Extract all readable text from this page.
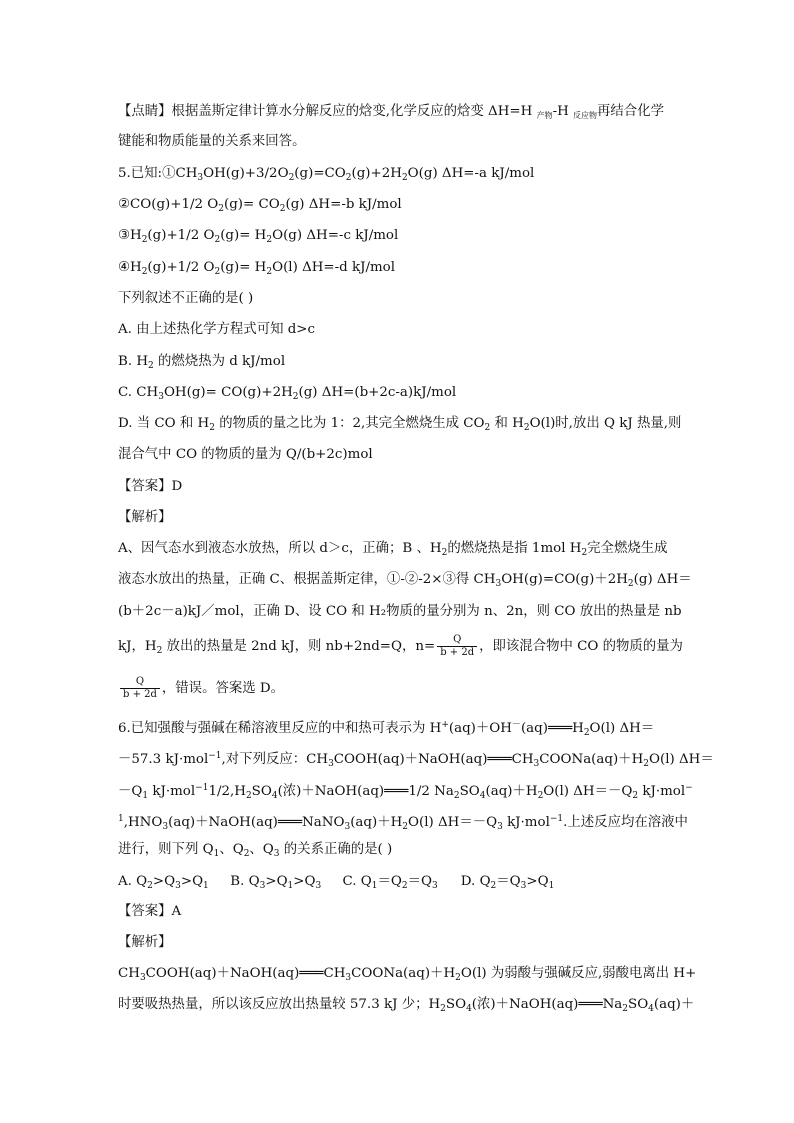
【点睛】根据盖斯定律计算水分解反应的焓变,化学反应的焓变 ΔH=H $_{产物}$-H $_{反应物}$再结合化学
键能和物质能量的关系来回答。
5.已知$:①CH_3OH(g)+3/2O_2(g)=CO_2(g)+2H_2O(g)$ ΔH=-a kJ/mol
②CO(g)+1/2 $O_2(g)= CO_2(g)$ ΔH=-b kJ/mol
$③H_2(g)+1/2$ $O_2(g)= H_2O(g)$ ΔH=-c kJ/mol
$④H_2(g)+1/2$ $O_2(g)= H_2O(l)$ ΔH=-d kJ/mol
下列叙述不正确的是( )
A. 由上述热化学方程式可知 d>c
B. $H_2$ 的燃烧热为 d kJ/mol
C. $CH_3OH(g)= CO(g)+2H_2(g)$ ΔH=(b+2c-a)kJ/mol
D. 当 CO 和 $H_2$ 的物质的量之比为 1：2,其完全燃烧生成 $CO_2$ 和 $H_2O(l)$时,放出 Q kJ 热量,则
混合气中 CO 的物质的量为 Q/(b+2c)mol
【答案】D
【解析】
A、因气态水到液态水放热，所以 d＞c，正确；B 、$H_2$的燃烧热是指 1mol $H_2$完全燃烧生成
液态水放出的热量，正确 C、根据盖斯定律，①-②-2×③得 $CH_3OH(g)=CO(g)+2H_2(g)$ ΔH＝
(b＋2c－a)kJ／mol，正确 D、设 CO 和 H₂物质的量分别为 n、2n，则 CO 放出的热量是 nb
kJ，$H_2$ 放出的热量是 2nd kJ，则 nb+2nd=Q，$n= \frac{Q}{b + 2d}$ ，即该混合物中 CO 的物质的量为
$\frac{Q}{b + 2d}$ ，错误。答案选 D。
6.已知强酸与强碱在稀溶液里反应的中和热可表示为 $H^+(aq)+OH^-(aq)═══H_2O(l)$ ΔH＝
－57.3 kJ·mol$^{-1}$,对下列反应：$CH_3COOH(aq)+NaOH(aq)═══CH_3COONa(aq)+H_2O(l)$ ΔH＝
$-Q_1$ $kJ\cdot mol^{-1}1/2,H_2SO_4$(浓)＋NaOH(aq)═══1/2 $Na_2SO_4(aq)+H_2O(l)$ $\Delta H=-Q_2$ kJ·mol−
$^1,HNO_3(aq)+NaOH(aq)═══NaNO_3(aq)+H_2O(l)$ $\Delta H=-Q_3$ kJ·mol$^{-1}$.上述反应均在溶液中
进行，则下列 $Q_1$、$Q_2$、$Q_3$ 的关系正确的是( )
A. Q2>Q3>Q1 B. Q3>Q1>Q3 C. Q1＝Q2＝Q3 D. Q2＝Q3>Q1
【答案】A
【解析】
$CH_3COOH(aq)+NaOH(aq)═══CH_3COONa(aq)+H_2O(l)$ 为弱酸与强碱反应,弱酸电离出 H+
时要吸热热量，所以该反应放出热量较 57.3 kJ 少；$H_2SO_4$(浓)$+NaOH(aq)═══Na_2SO_4(aq)+$
